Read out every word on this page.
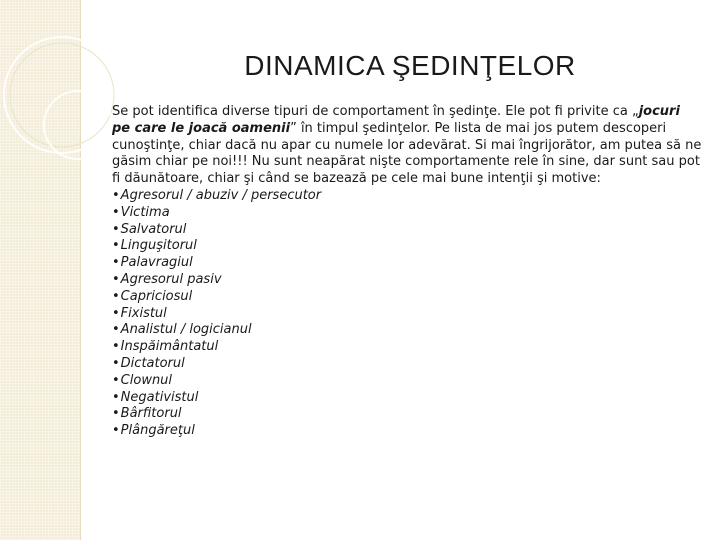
DINAMICA ŞEDINŢELOR

Se pot identifica diverse tipuri de comportament în şedinţe. Ele pot fi privite ca „jocuri pe care le joacă oamenii” în timpul şedinţelor. Pe lista de mai jos putem descoperi cunoştinţe, chiar dacă nu apar cu numele lor adevărat. Si mai îngrijorător, am putea să ne găsim chiar pe noi!!! Nu sunt neapărat nişte comportamente rele în sine, dar sunt sau pot fi dăunătoare, chiar şi când se bazează pe cele mai bune intenţii şi motive:

•Agresorul / abuziv / persecutor
•Victima
•Salvatorul
•Linguşitorul
•Palavragiul
•Agresorul pasiv
•Capriciosul
•Fixistul
•Analistul / logicianul
•Inspăimântatul
•Dictatorul
•Clownul
•Negativistul
•Bârfitorul
•Plângăreţul
